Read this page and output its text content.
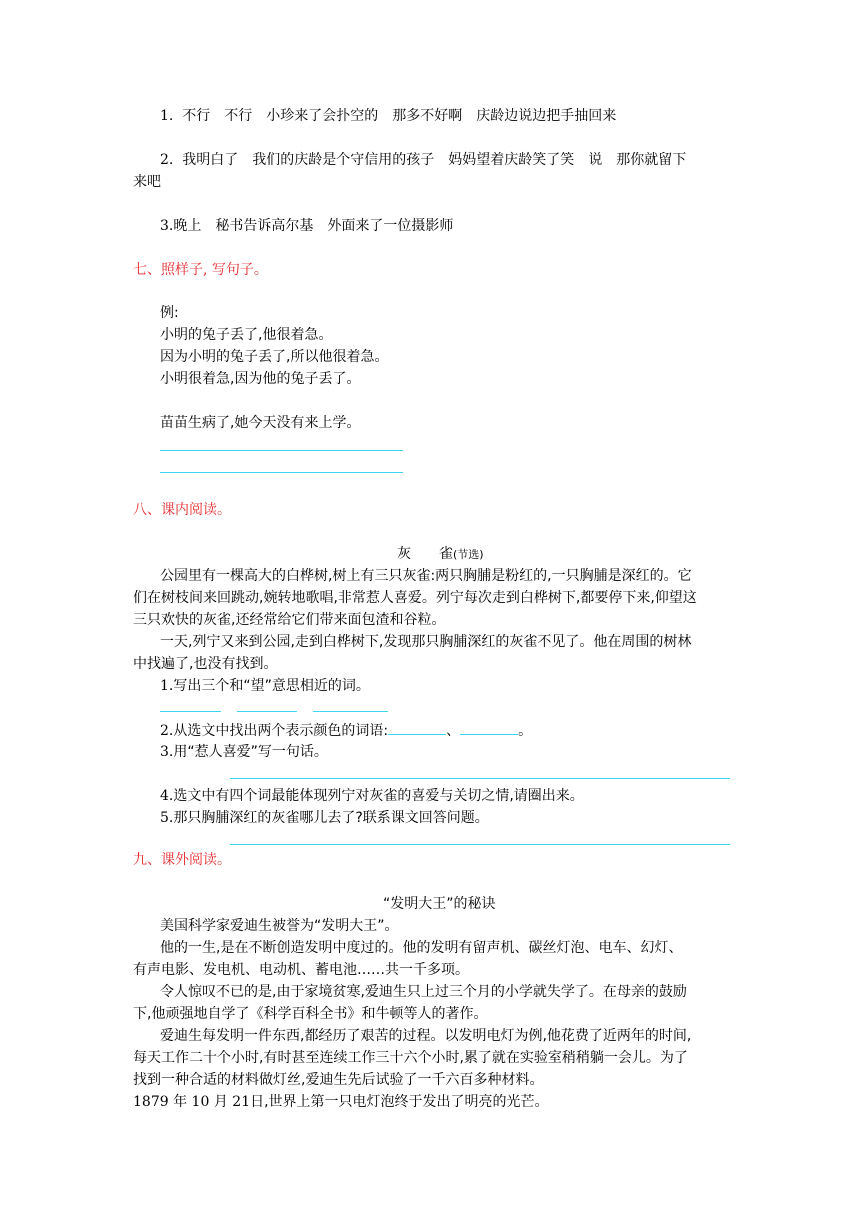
1. 不行　不行　小珍来了会扑空的　那多不好啊　庆龄边说边把手抽回来
2. 我明白了　我们的庆龄是个守信用的孩子　妈妈望着庆龄笑了笑　说　那你就留下
来吧
3.晚上　秘书告诉高尔基　外面来了一位摄影师
七、照样子, 写句子。
例:
小明的兔子丢了,他很着急。
因为小明的兔子丢了,所以他很着急。
小明很着急,因为他的兔子丢了。
苗苗生病了,她今天没有来上学。
八、课内阅读。
灰　　雀(节选)
公园里有一棵高大的白桦树,树上有三只灰雀:两只胸脯是粉红的,一只胸脯是深红的。它
们在树枝间来回跳动,婉转地歌唱,非常惹人喜爱。列宁每次走到白桦树下,都要停下来,仰望这
三只欢快的灰雀,还经常给它们带来面包渣和谷粒。
一天,列宁又来到公园,走到白桦树下,发现那只胸脯深红的灰雀不见了。他在周围的树林
中找遍了,也没有找到。
1.写出三个和“望”意思相近的词。
2.从选文中找出两个表示颜色的词语:	、	。
3.用“惹人喜爱”写一句话。
4.选文中有四个词最能体现列宁对灰雀的喜爱与关切之情,请圈出来。
5.那只胸脯深红的灰雀哪儿去了?联系课文回答问题。
九、课外阅读。
“发明大王”的秘诀
美国科学家爱迪生被誉为“发明大王”。
他的一生,是在不断创造发明中度过的。他的发明有留声机、碳丝灯泡、电车、幻灯、
有声电影、发电机、电动机、蓄电池……共一千多项。
令人惊叹不已的是,由于家境贫寒,爱迪生只上过三个月的小学就失学了。在母亲的鼓励
下,他顽强地自学了《科学百科全书》和牛顿等人的著作。
爱迪生每发明一件东西,都经历了艰苦的过程。以发明电灯为例,他花费了近两年的时间,
每天工作二十个小时,有时甚至连续工作三十六个小时,累了就在实验室稍稍躺一会儿。为了
找到一种合适的材料做灯丝,爱迪生先后试验了一千六百多种材料。
1879 年 10 月 21日,世界上第一只电灯泡终于发出了明亮的光芒。
